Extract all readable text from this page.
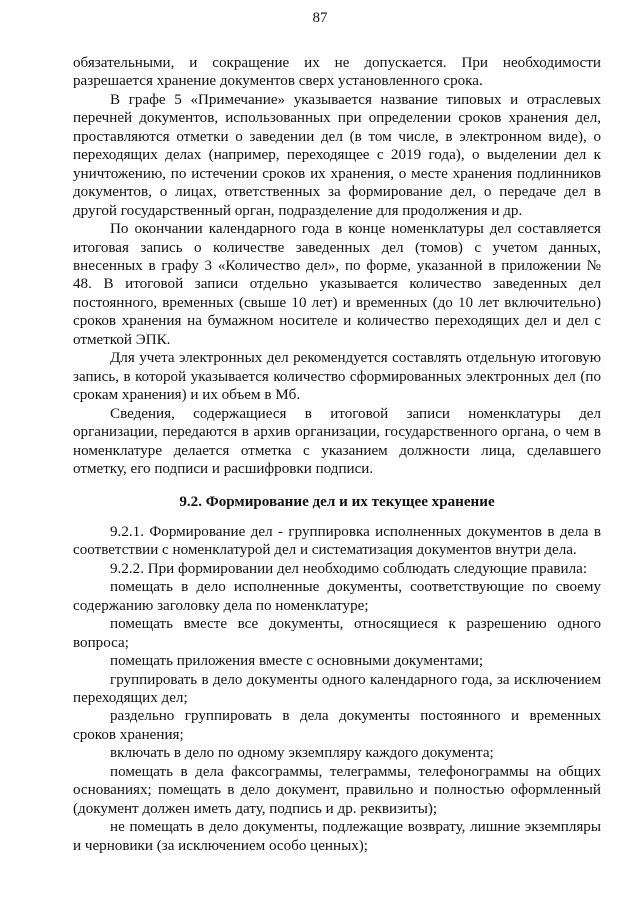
87

обязательными, и сокращение их не допускается. При необходимости разрешается хранение документов сверх установленного срока.

В графе 5 «Примечание» указывается название типовых и отраслевых перечней документов, использованных при определении сроков хранения дел, проставляются отметки о заведении дел (в том числе, в электронном виде), о переходящих делах (например, переходящее с 2019 года), о выделении дел к уничтожению, по истечении сроков их хранения, о месте хранения подлинников документов, о лицах, ответственных за формирование дел, о передаче дел в другой государственный орган, подразделение для продолжения и др.

По окончании календарного года в конце номенклатуры дел составляется итоговая запись о количестве заведенных дел (томов) с учетом данных, внесенных в графу 3 «Количество дел», по форме, указанной в приложении № 48. В итоговой записи отдельно указывается количество заведенных дел постоянного, временных (свыше 10 лет) и временных (до 10 лет включительно) сроков хранения на бумажном носителе и количество переходящих дел и дел с отметкой ЭПК.

Для учета электронных дел рекомендуется составлять отдельную итоговую запись, в которой указывается количество сформированных электронных дел (по срокам хранения) и их объем в Мб.

Сведения, содержащиеся в итоговой записи номенклатуры дел организации, передаются в архив организации, государственного органа, о чем в номенклатуре делается отметка с указанием должности лица, сделавшего отметку, его подписи и расшифровки подписи.

9.2. Формирование дел и их текущее хранение

9.2.1. Формирование дел - группировка исполненных документов в дела в соответствии с номенклатурой дел и систематизация документов внутри дела.

9.2.2. При формировании дел необходимо соблюдать следующие правила:

помещать в дело исполненные документы, соответствующие по своему содержанию заголовку дела по номенклатуре;

помещать вместе все документы, относящиеся к разрешению одного вопроса;

помещать приложения вместе с основными документами;

группировать в дело документы одного календарного года, за исключением переходящих дел;

раздельно группировать в дела документы постоянного и временных сроков хранения;

включать в дело по одному экземпляру каждого документа;

помещать в дела факсограммы, телеграммы, телефонограммы на общих основаниях; помещать в дело документ, правильно и полностью оформленный (документ должен иметь дату, подпись и др. реквизиты);

не помещать в дело документы, подлежащие возврату, лишние экземпляры и черновики (за исключением особо ценных);
